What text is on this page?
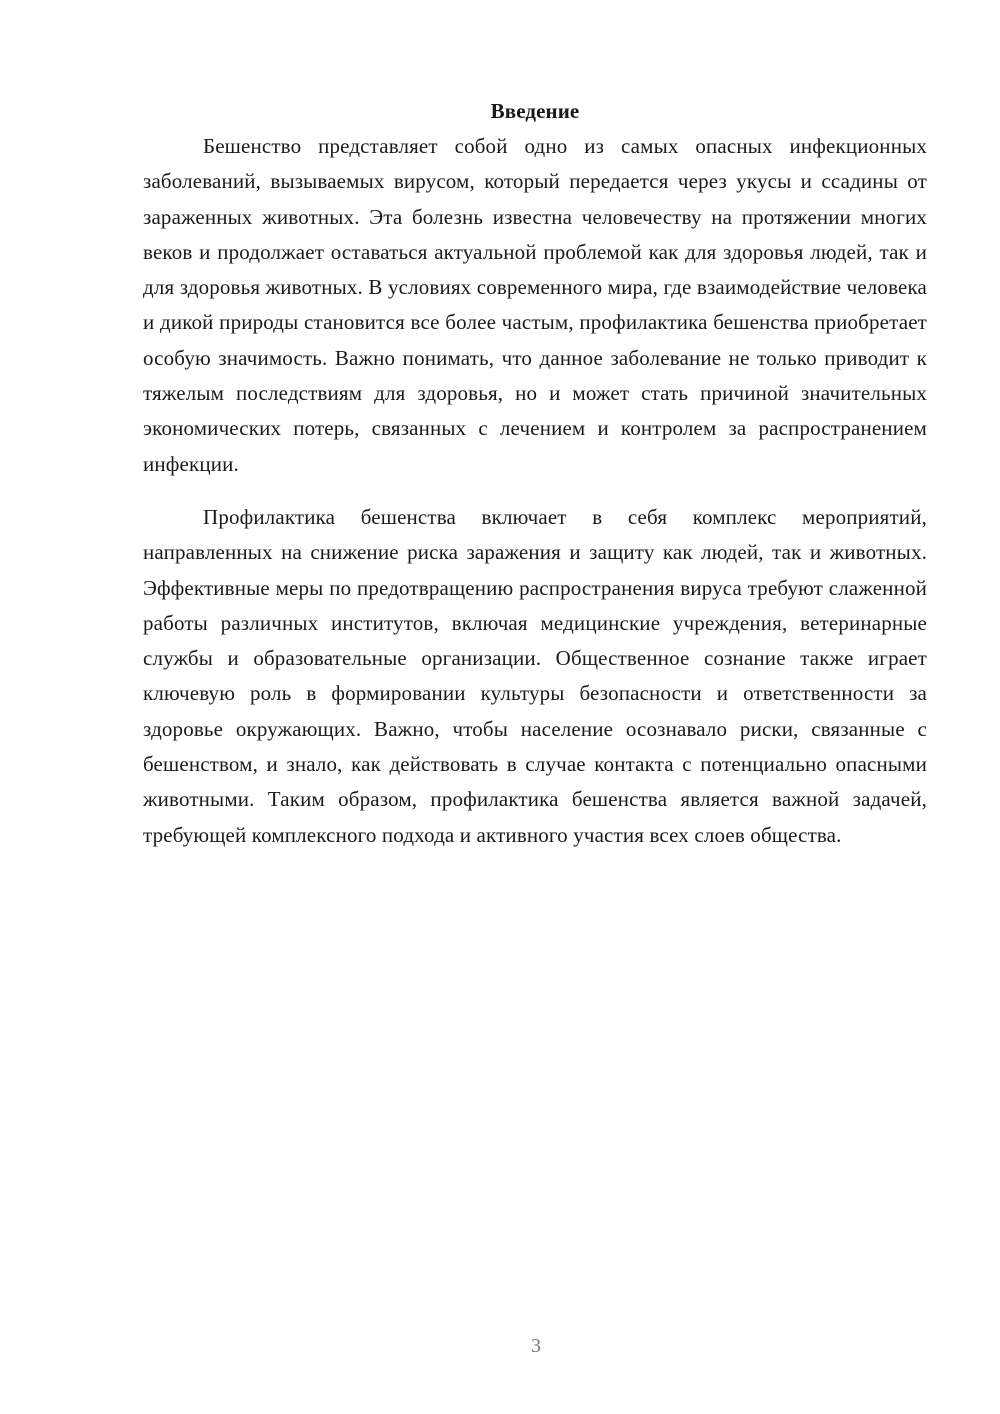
Введение

Бешенство представляет собой одно из самых опасных инфекционных заболеваний, вызываемых вирусом, который передается через укусы и ссадины от зараженных животных. Эта болезнь известна человечеству на протяжении многих веков и продолжает оставаться актуальной проблемой как для здоровья людей, так и для здоровья животных. В условиях современного мира, где взаимодействие человека и дикой природы становится все более частым, профилактика бешенства приобретает особую значимость. Важно понимать, что данное заболевание не только приводит к тяжелым последствиям для здоровья, но и может стать причиной значительных экономических потерь, связанных с лечением и контролем за распространением инфекции.

Профилактика бешенства включает в себя комплекс мероприятий, направленных на снижение риска заражения и защиту как людей, так и животных. Эффективные меры по предотвращению распространения вируса требуют слаженной работы различных институтов, включая медицинские учреждения, ветеринарные службы и образовательные организации. Общественное сознание также играет ключевую роль в формировании культуры безопасности и ответственности за здоровье окружающих. Важно, чтобы население осознавало риски, связанные с бешенством, и знало, как действовать в случае контакта с потенциально опасными животными. Таким образом, профилактика бешенства является важной задачей, требующей комплексного подхода и активного участия всех слоев общества.

3
